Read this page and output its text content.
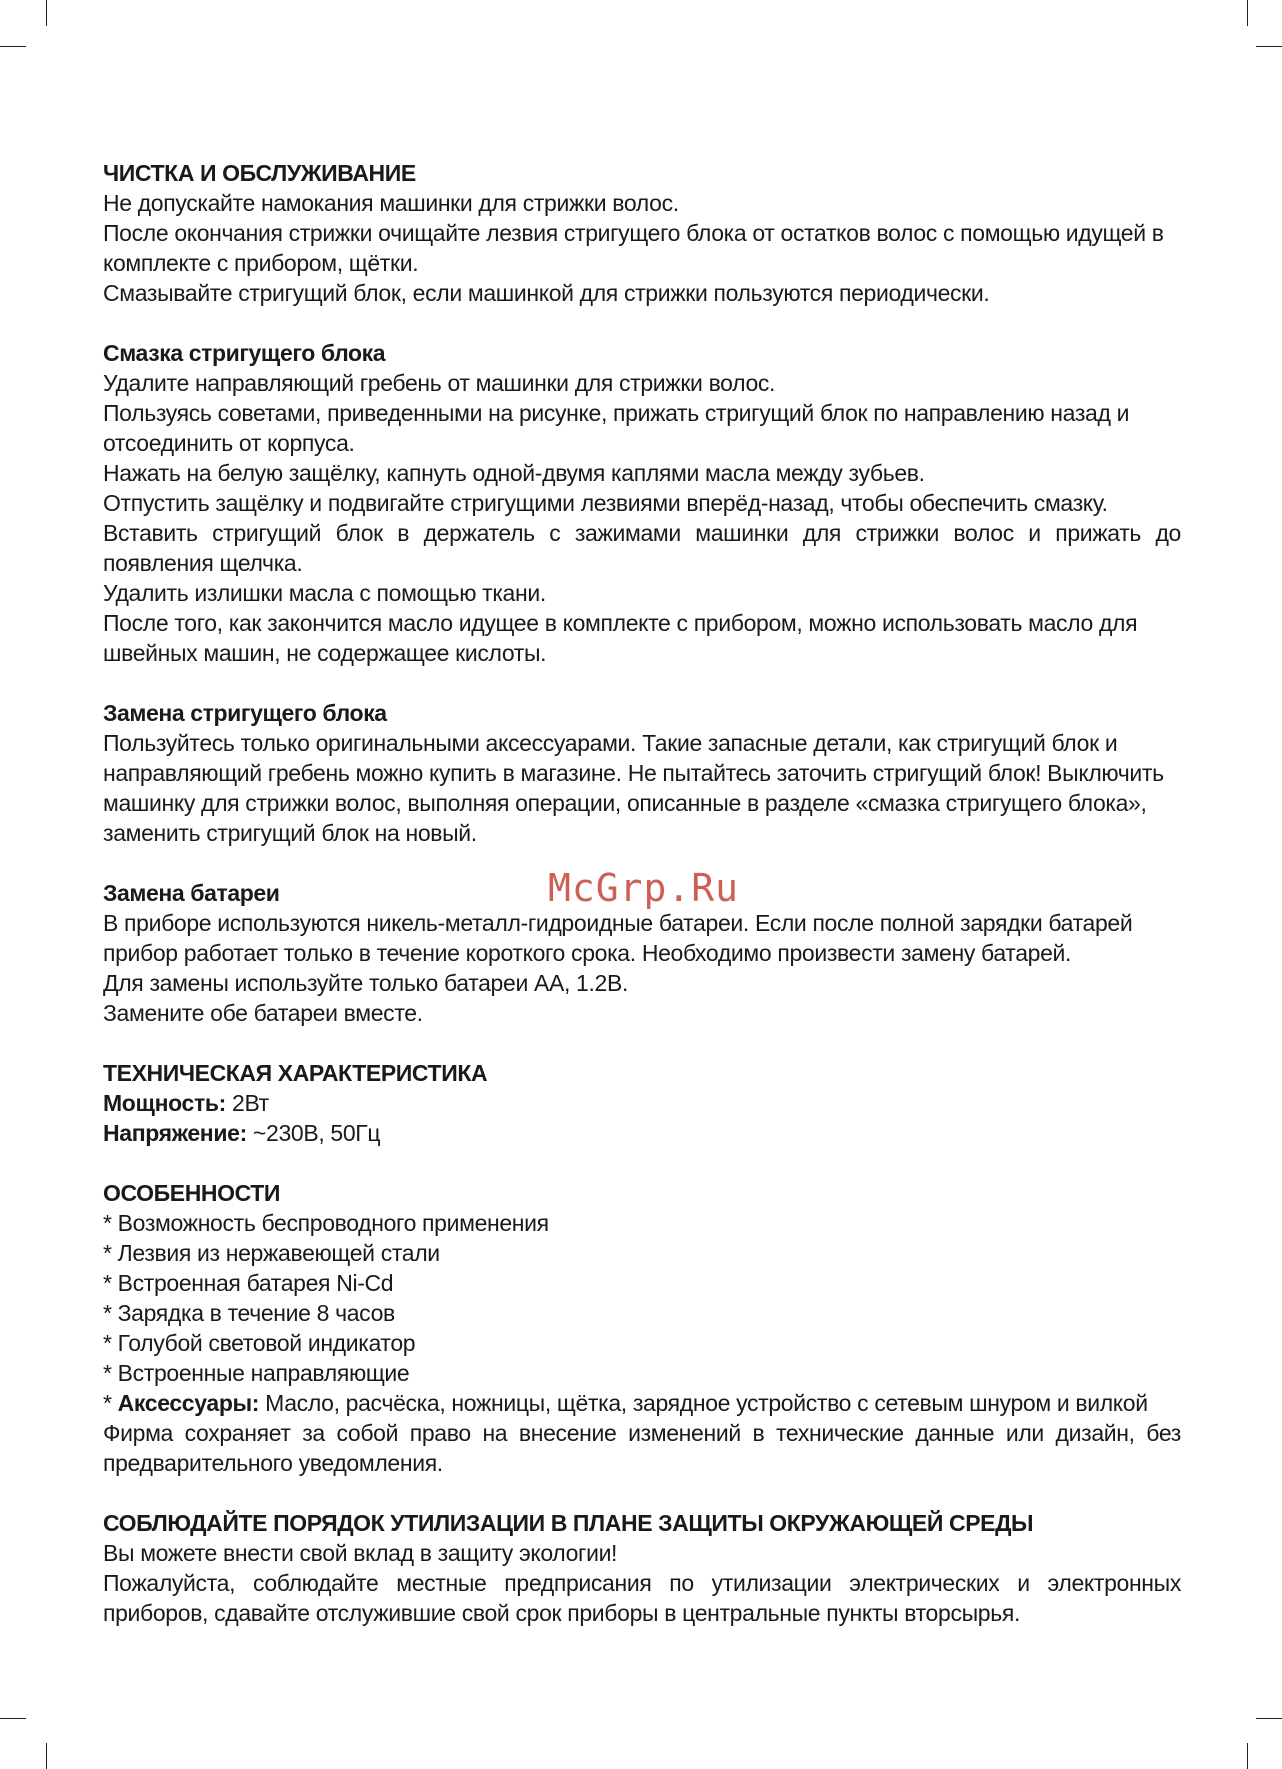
McGrp.Ru
ЧИСТКА И ОБСЛУЖИВАНИЕ

Не допускайте намокания машинки для стрижки волос.

После окончания стрижки очищайте лезвия стригущего блока от остатков волос с помощью идущей в комплекте с прибором, щётки.

Смазывайте стригущий блок, если машинкой для стрижки пользуются периодически.

Смазка стригущего блока

Удалите направляющий гребень от машинки для стрижки волос.

Пользуясь советами, приведенными на рисунке, прижать стригущий блок по направлению назад и отсоединить от корпуса.

Нажать на белую защёлку, капнуть одной-двумя каплями масла между зубьев.

Отпустить защёлку и подвигайте стригущими лезвиями вперёд-назад, чтобы обеспечить смазку.

Вставить стригущий блок в держатель с зажимами машинки для стрижки волос и прижать до появления щелчка.

Удалить излишки масла с помощью ткани.

После того, как закончится масло идущее в комплекте с прибором, можно использовать масло для швейных машин, не содержащее кислоты.

Замена стригущего блока

Пользуйтесь только оригинальными аксессуарами. Такие запасные детали, как стригущий блок и направляющий гребень можно купить в магазине. Не пытайтесь заточить стригущий блок! Выключить машинку для стрижки волос, выполняя операции, описанные в разделе «смазка стригущего блока», заменить стригущий блок на новый.

Замена батареи

В приборе используются никель-металл-гидроидные батареи. Если после полной зарядки батарей прибор работает только в течение короткого срока. Необходимо произвести замену батарей.

Для замены используйте только батареи АА, 1.2В.

Замените обе батареи вместе.

ТЕХНИЧЕСКАЯ ХАРАКТЕРИСТИКА

Мощность: 2Вт

Напряжение: ~230В, 50Гц

ОСОБЕННОСТИ

* Возможность беспроводного применения

* Лезвия из нержавеющей стали

* Встроенная батарея Ni-Cd

* Зарядка в течение 8 часов

* Голубой световой индикатор

* Встроенные направляющие

* Аксессуары: Масло, расчёска, ножницы, щётка, зарядное устройство с сетевым шнуром и вилкой

Фирма сохраняет за собой право на внесение изменений в технические данные или дизайн, без предварительного уведомления.

СОБЛЮДАЙТЕ ПОРЯДОК УТИЛИЗАЦИИ В ПЛАНЕ ЗАЩИТЫ ОКРУЖАЮЩЕЙ СРЕДЫ

Вы можете внести свой вклад в защиту экологии!

Пожалуйста, соблюдайте местные предприсания по утилизации электрических и электронных приборов, сдавайте отслужившие свой срок приборы в центральные пункты вторсырья.
